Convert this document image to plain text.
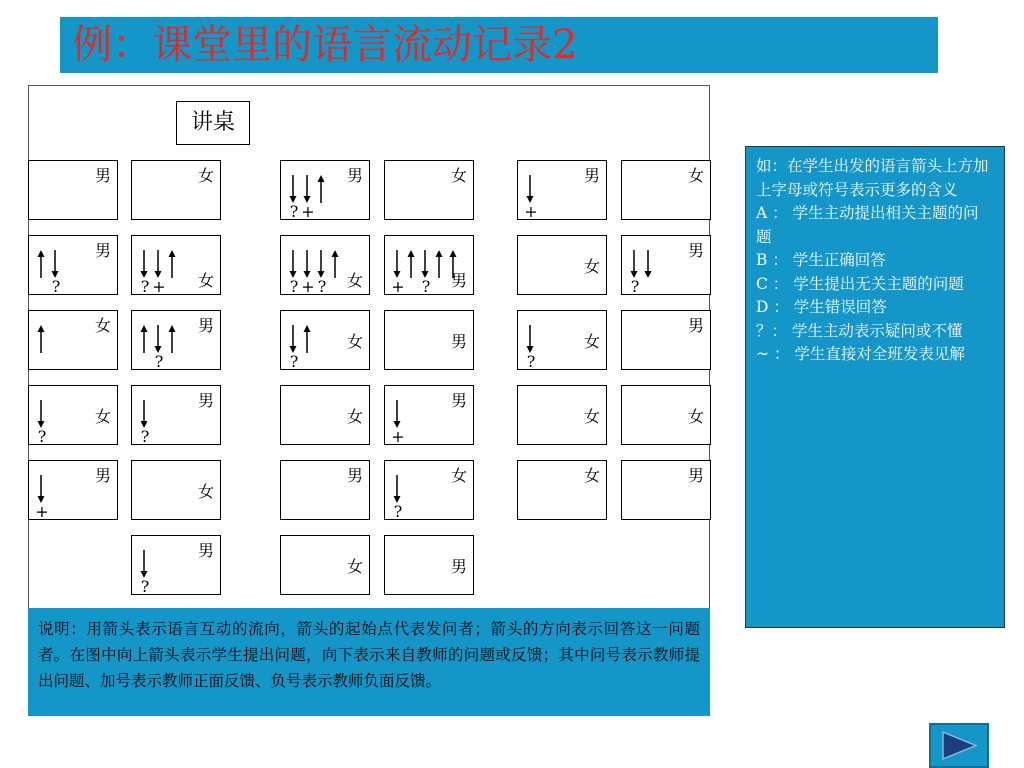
例：课堂里的语言流动记录2
讲桌
男	女	男
? +
女	男
+
女
男
?	女
? +	女
? + ?	男
+ ?
女
男
?
女	男
?
女
?
男	女
?
男
女
?
男
?
女
男
+
女	女
男
+
女
男	女
?
女	男
男
?
女	男
说明：用箭头表示语言互动的流向，箭头的起始点代表发问者；箭头的方向表示回答这一问题者。在图中向上箭头表示学生提出问题，向下表示来自教师的问题或反馈；其中问号表示教师提出问题、加号表示教师正面反馈、负号表示教师负面反馈。
如：在学生出发的语言箭头上方加上字母或符号表示更多的含义
A ： 学生主动提出相关主题的问题
B ： 学生正确回答
C ： 学生提出无关主题的问题
D ： 学生错误回答
？： 学生主动表示疑问或不懂
~ ： 学生直接对全班发表见解
